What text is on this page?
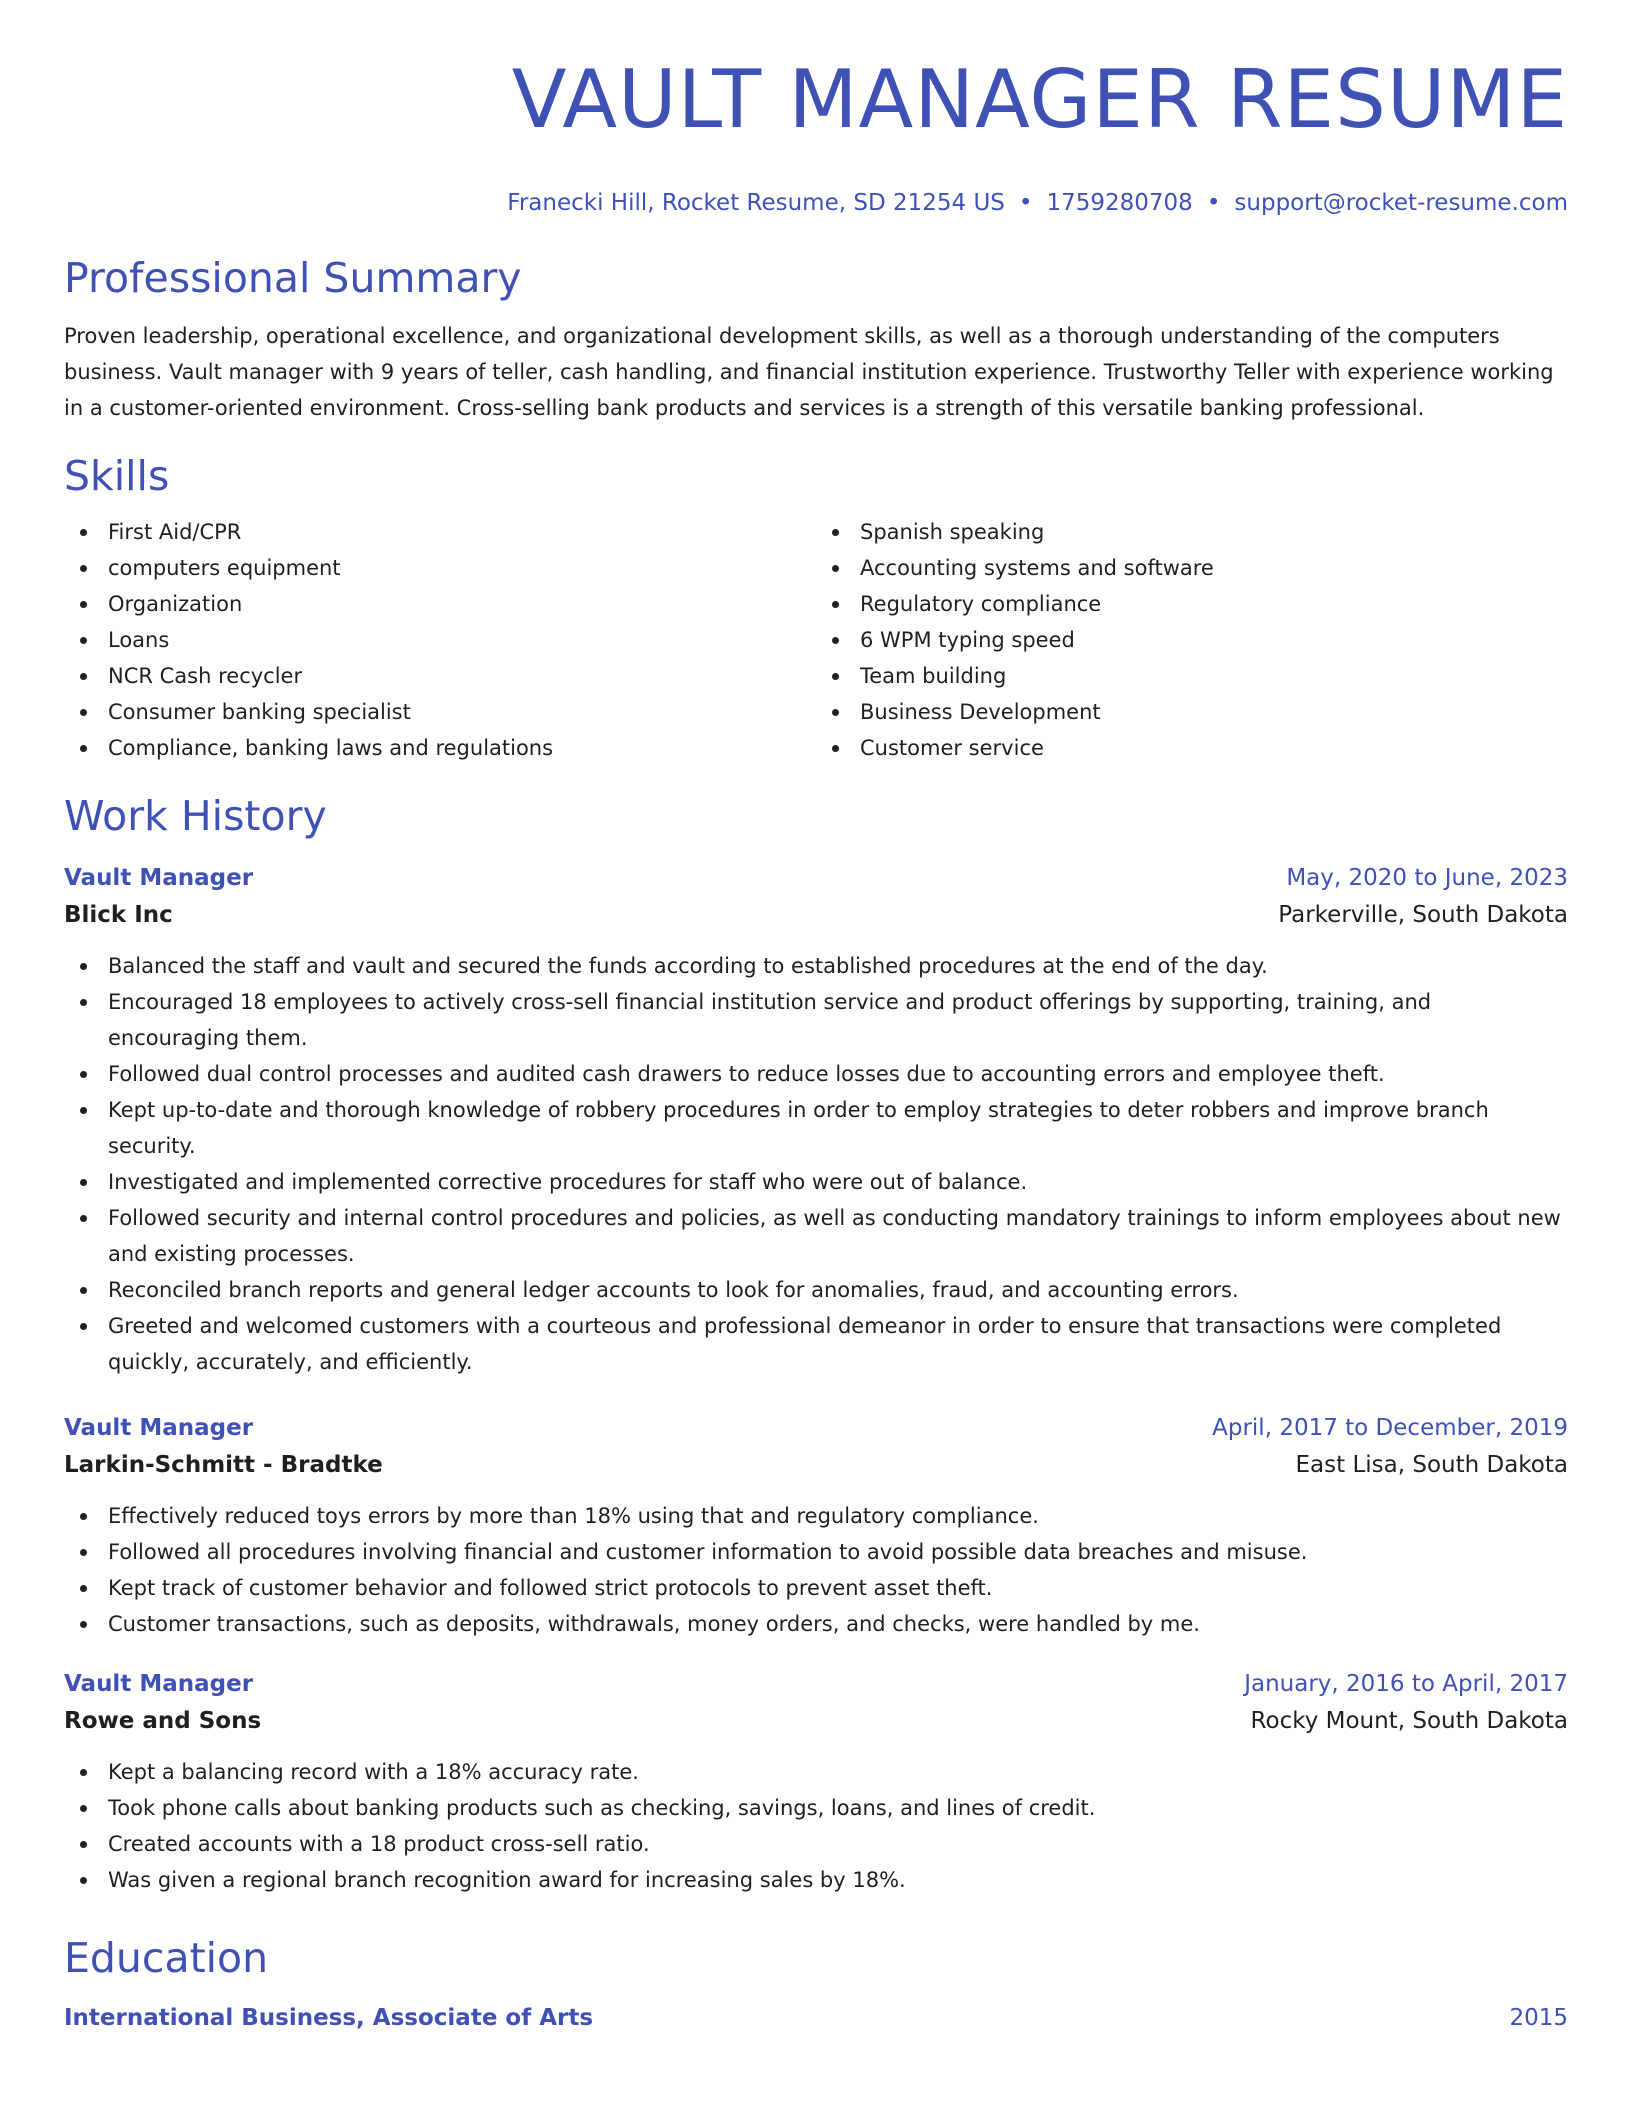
VAULT MANAGER RESUME
Franecki Hill, Rocket Resume, SD 21254 US • 1759280708 • support@rocket-resume.com
Professional Summary

Proven leadership, operational excellence, and organizational development skills, as well as a thorough understanding of the computers business. Vault manager with 9 years of teller, cash handling, and financial institution experience. Trustworthy Teller with experience working in a customer-oriented environment. Cross-selling bank products and services is a strength of this versatile banking professional.

Skills
First Aid/CPR
computers equipment
Organization
Loans
NCR Cash recycler
Consumer banking specialist
Compliance, banking laws and regulations
Spanish speaking
Accounting systems and software
Regulatory compliance
6 WPM typing speed
Team building
Business Development
Customer service
Work History
Vault Manager	May, 2020 to June, 2023
Blick Inc	Parkerville, South Dakota
Balanced the staff and vault and secured the funds according to established procedures at the end of the day.
Encouraged 18 employees to actively cross-sell financial institution service and product offerings by supporting, training, and encouraging them.
Followed dual control processes and audited cash drawers to reduce losses due to accounting errors and employee theft.
Kept up-to-date and thorough knowledge of robbery procedures in order to employ strategies to deter robbers and improve branch security.
Investigated and implemented corrective procedures for staff who were out of balance.
Followed security and internal control procedures and policies, as well as conducting mandatory trainings to inform employees about new and existing processes.
Reconciled branch reports and general ledger accounts to look for anomalies, fraud, and accounting errors.
Greeted and welcomed customers with a courteous and professional demeanor in order to ensure that transactions were completed quickly, accurately, and efficiently.
Vault Manager	April, 2017 to December, 2019
Larkin-Schmitt - Bradtke	East Lisa, South Dakota
Effectively reduced toys errors by more than 18% using that and regulatory compliance.
Followed all procedures involving financial and customer information to avoid possible data breaches and misuse.
Kept track of customer behavior and followed strict protocols to prevent asset theft.
Customer transactions, such as deposits, withdrawals, money orders, and checks, were handled by me.
Vault Manager	January, 2016 to April, 2017
Rowe and Sons	Rocky Mount, South Dakota
Kept a balancing record with a 18% accuracy rate.
Took phone calls about banking products such as checking, savings, loans, and lines of credit.
Created accounts with a 18 product cross-sell ratio.
Was given a regional branch recognition award for increasing sales by 18%.
Education
International Business, Associate of Arts	2015
